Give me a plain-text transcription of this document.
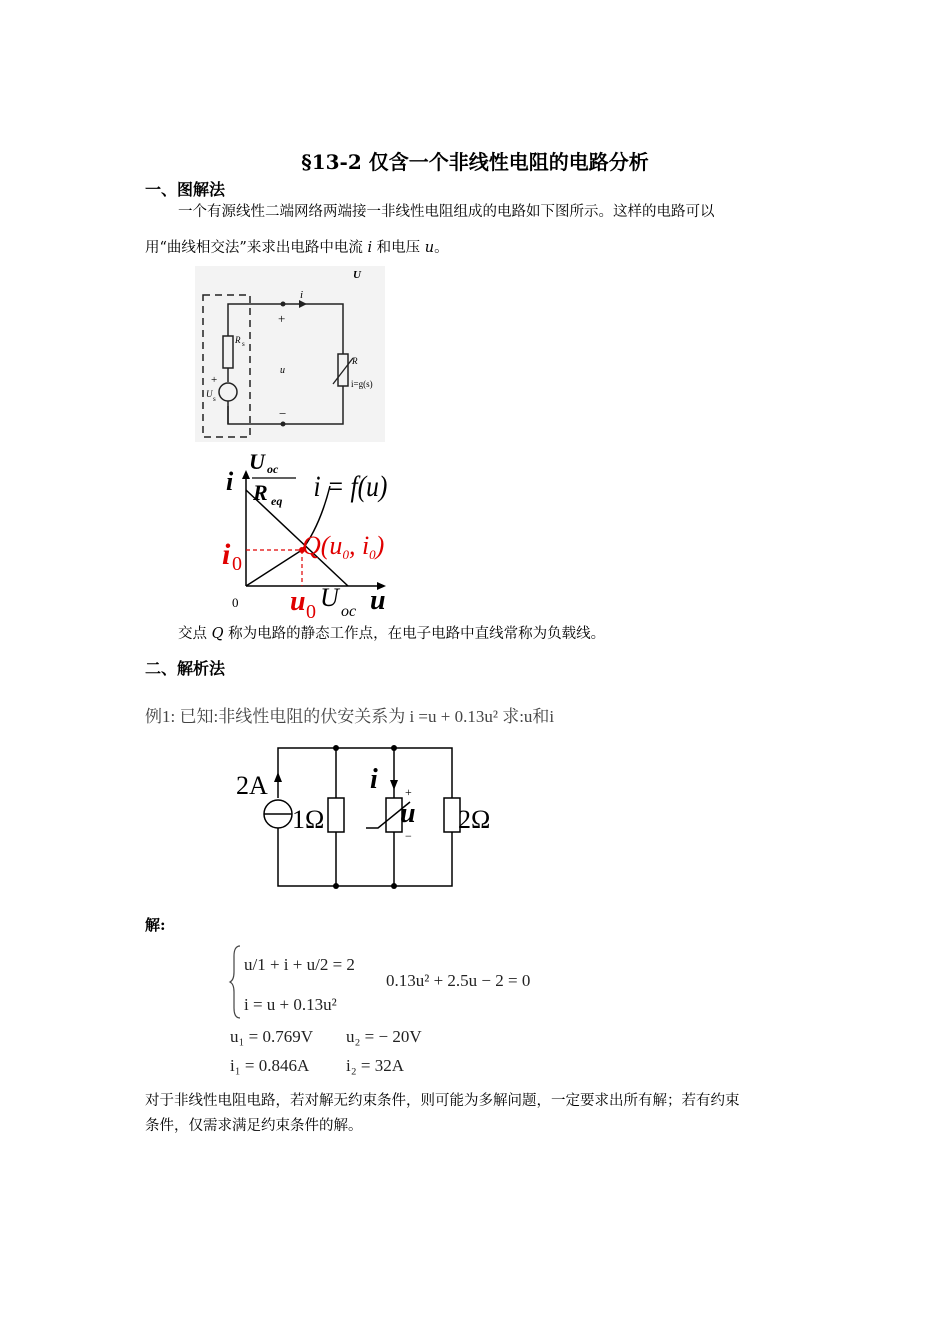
§13-2 仅含一个非线性电阻的电路分析
一、图解法
一个有源线性二端网络两端接一非线性电阻组成的电路如下图所示。这样的电路可以
用“曲线相交法”来求出电路中电流 i 和电压 u。
U
i
+
−
R s
+
U s
u
R
i=g(s)
i
U oc
R eq i = f(u)
i 0
Q(u0, i0)
0 u 0 U oc u
交点 Q 称为电路的静态工作点，在电子电路中直线常称为负载线。
二、解析法
例1: 已知:非线性电阻的伏安关系为 i =u + 0.13u² 求:u和i
2A
1Ω
i +
u
−
2Ω
解:
u/1 + i + u/2 = 2
i = u + 0.13u²
0.13u² + 2.5u − 2 = 0
u₁ = 0.769V u₂ = − 20V
i₁ = 0.846A i₂ = 32A
对于非线性电阻电路，若对解无约束条件，则可能为多解问题，一定要求出所有解；若有约束
条件，仅需求满足约束条件的解。
